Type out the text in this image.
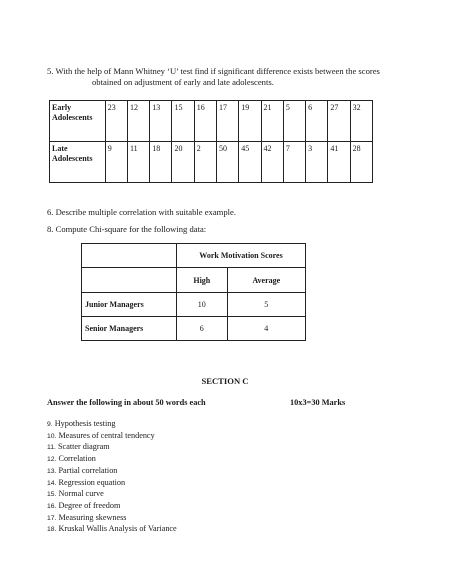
5. With the help of Mann Whitney ‘U’ test find if significant difference exists between the scores
obtained on adjustment of early and late adolescents.
Early
Adolescents	23	12	13	15	16	17	19	21	5	6	27	32
Late
Adolescents	9	11	18	20	2	50	45	42	7	3	41	28
6. Describe multiple correlation with suitable example.
8. Compute Chi-square for the following data:
	Work Motivation Scores	
	High	Average
Junior Managers	10	5
Senior Managers	6	4
SECTION C
Answer the following in about 50 words each	10x3=30 Marks
9. Hypothesis testing
10. Measures of central tendency
11. Scatter diagram
12. Correlation
13. Partial correlation
14. Regression equation
15. Normal curve
16. Degree of freedom
17. Measuring skewness
18. Kruskal Wallis Analysis of Variance
